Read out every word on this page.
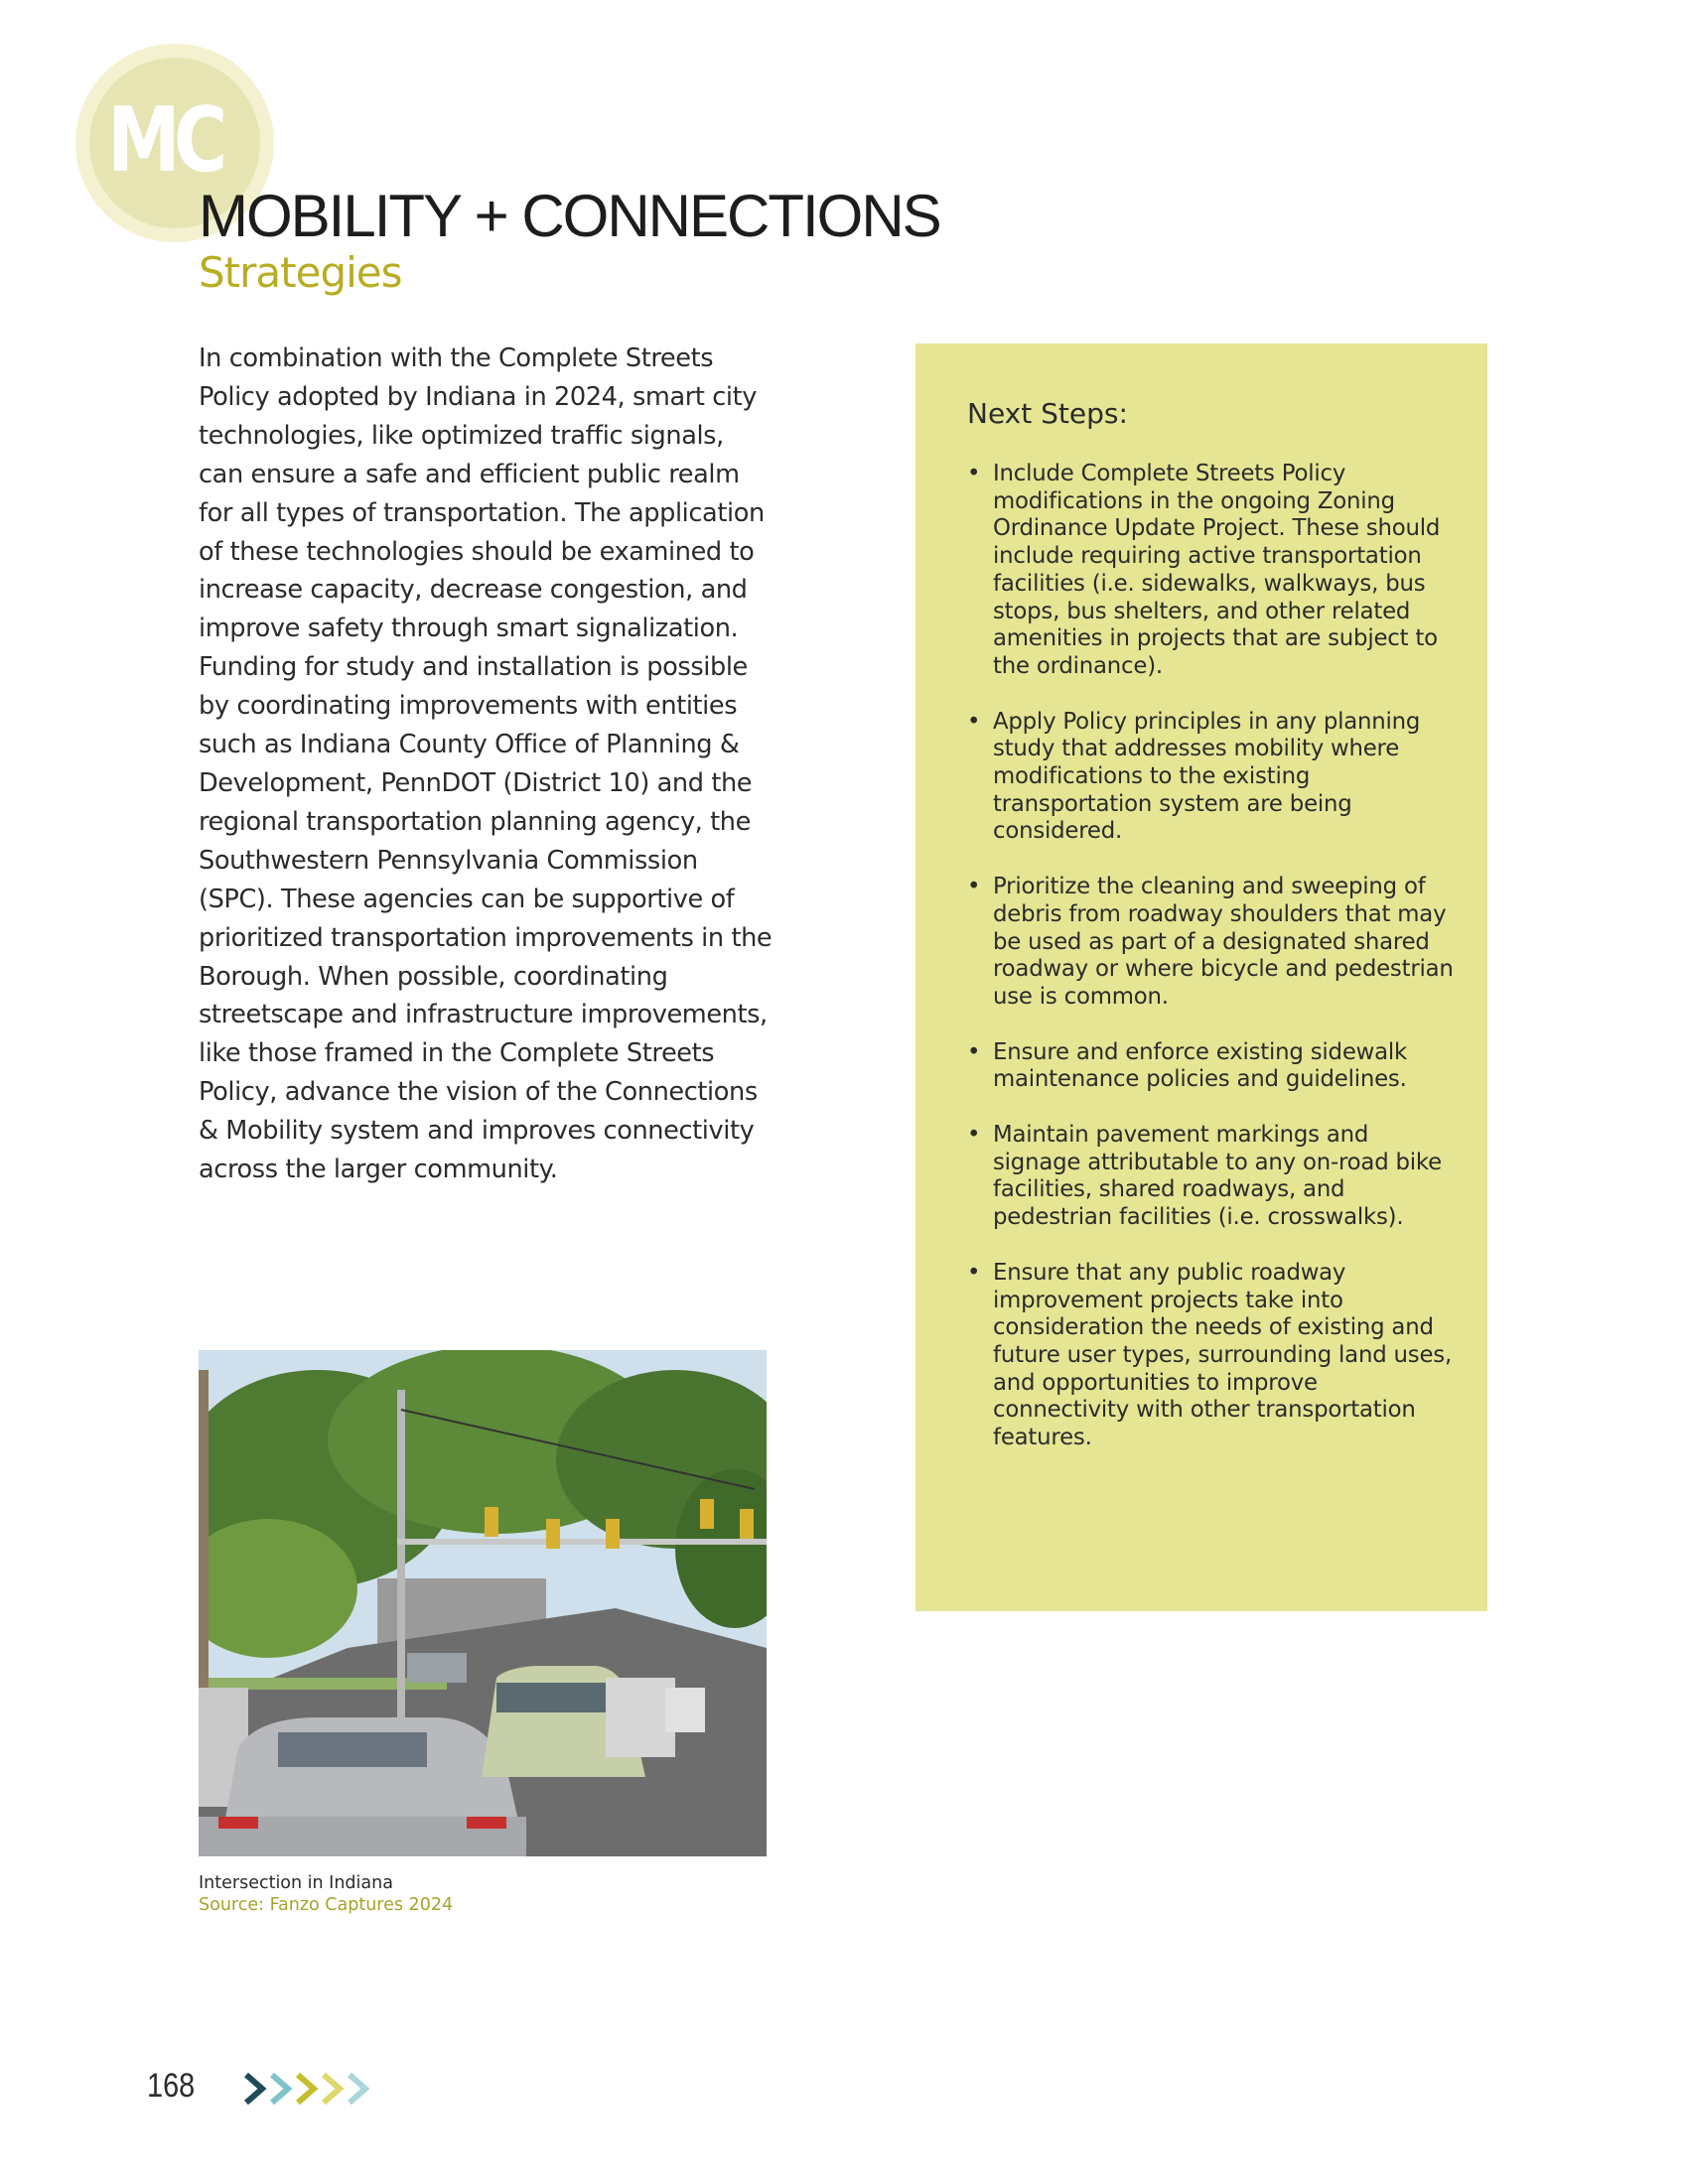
MC
MOBILITY + CONNECTIONS
Strategies

In combination with the Complete Streets Policy adopted by Indiana in 2024, smart city technologies, like optimized traffic signals, can ensure a safe and efficient public realm for all types of transportation. The application of these technologies should be examined to increase capacity, decrease congestion, and improve safety through smart signalization. Funding for study and installation is possible by coordinating improvements with entities such as Indiana County Office of Planning & Development, PennDOT (District 10) and the regional transportation planning agency, the Southwestern Pennsylvania Commission (SPC). These agencies can be supportive of prioritized transportation improvements in the Borough. When possible, coordinating streetscape and infrastructure improvements, like those framed in the Complete Streets Policy, advance the vision of the Connections & Mobility system and improves connectivity across the larger community.

Intersection in Indiana
Source: Fanzo Captures 2024
Next Steps:
• Include Complete Streets Policy modifications in the ongoing Zoning Ordinance Update Project. These should include requiring active transportation facilities (i.e. sidewalks, walkways, bus stops, bus shelters, and other related amenities in projects that are subject to the ordinance).
• Apply Policy principles in any planning study that addresses mobility where modifications to the existing transportation system are being considered.
• Prioritize the cleaning and sweeping of debris from roadway shoulders that may be used as part of a designated shared roadway or where bicycle and pedestrian use is common.
• Ensure and enforce existing sidewalk maintenance policies and guidelines.
• Maintain pavement markings and signage attributable to any on-road bike facilities, shared roadways, and pedestrian facilities (i.e. crosswalks).
• Ensure that any public roadway improvement projects take into consideration the needs of existing and future user types, surrounding land uses, and opportunities to improve connectivity with other transportation features.
168
